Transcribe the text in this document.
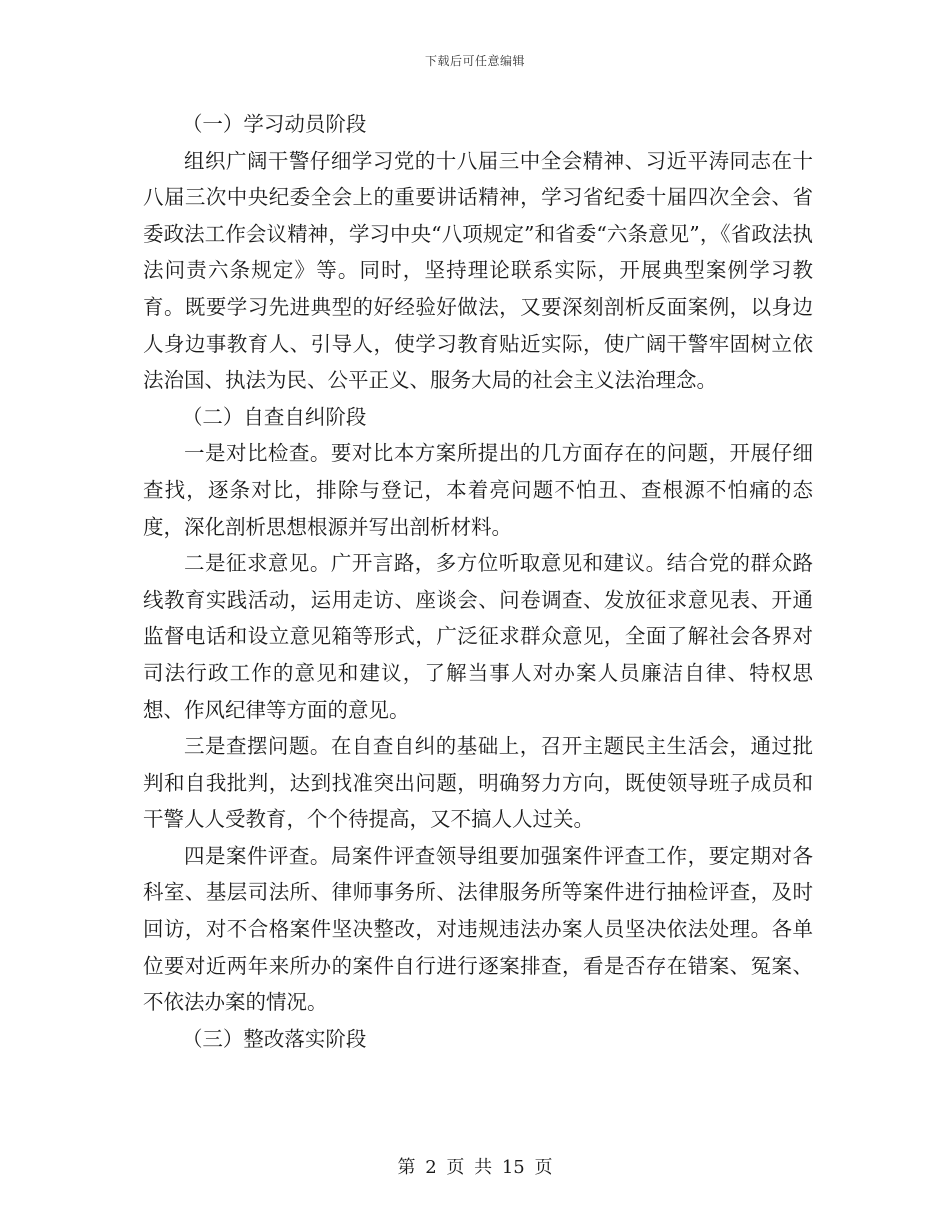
下载后可任意编辑

（一）学习动员阶段

组织广阔干警仔细学习党的十八届三中全会精神、习近平涛同志在十八届三次中央纪委全会上的重要讲话精神，学习省纪委十届四次全会、省委政法工作会议精神，学习中央“八项规定”和省委“六条意见”，《省政法执法问责六条规定》等。同时，坚持理论联系实际，开展典型案例学习教育。既要学习先进典型的好经验好做法，又要深刻剖析反面案例，以身边人身边事教育人、引导人，使学习教育贴近实际，使广阔干警牢固树立依法治国、执法为民、公平正义、服务大局的社会主义法治理念。

（二）自查自纠阶段

一是对比检查。要对比本方案所提出的几方面存在的问题，开展仔细查找，逐条对比，排除与登记，本着亮问题不怕丑、查根源不怕痛的态度，深化剖析思想根源并写出剖析材料。

二是征求意见。广开言路，多方位听取意见和建议。结合党的群众路线教育实践活动，运用走访、座谈会、问卷调查、发放征求意见表、开通监督电话和设立意见箱等形式，广泛征求群众意见，全面了解社会各界对司法行政工作的意见和建议，了解当事人对办案人员廉洁自律、特权思想、作风纪律等方面的意见。

三是查摆问题。在自查自纠的基础上，召开主题民主生活会，通过批判和自我批判，达到找准突出问题，明确努力方向，既使领导班子成员和干警人人受教育，个个待提高，又不搞人人过关。

四是案件评查。局案件评查领导组要加强案件评查工作，要定期对各科室、基层司法所、律师事务所、法律服务所等案件进行抽检评查，及时回访，对不合格案件坚决整改，对违规违法办案人员坚决依法处理。各单位要对近两年来所办的案件自行进行逐案排查，看是否存在错案、冤案、不依法办案的情况。

（三）整改落实阶段

第 2 页 共 15 页
